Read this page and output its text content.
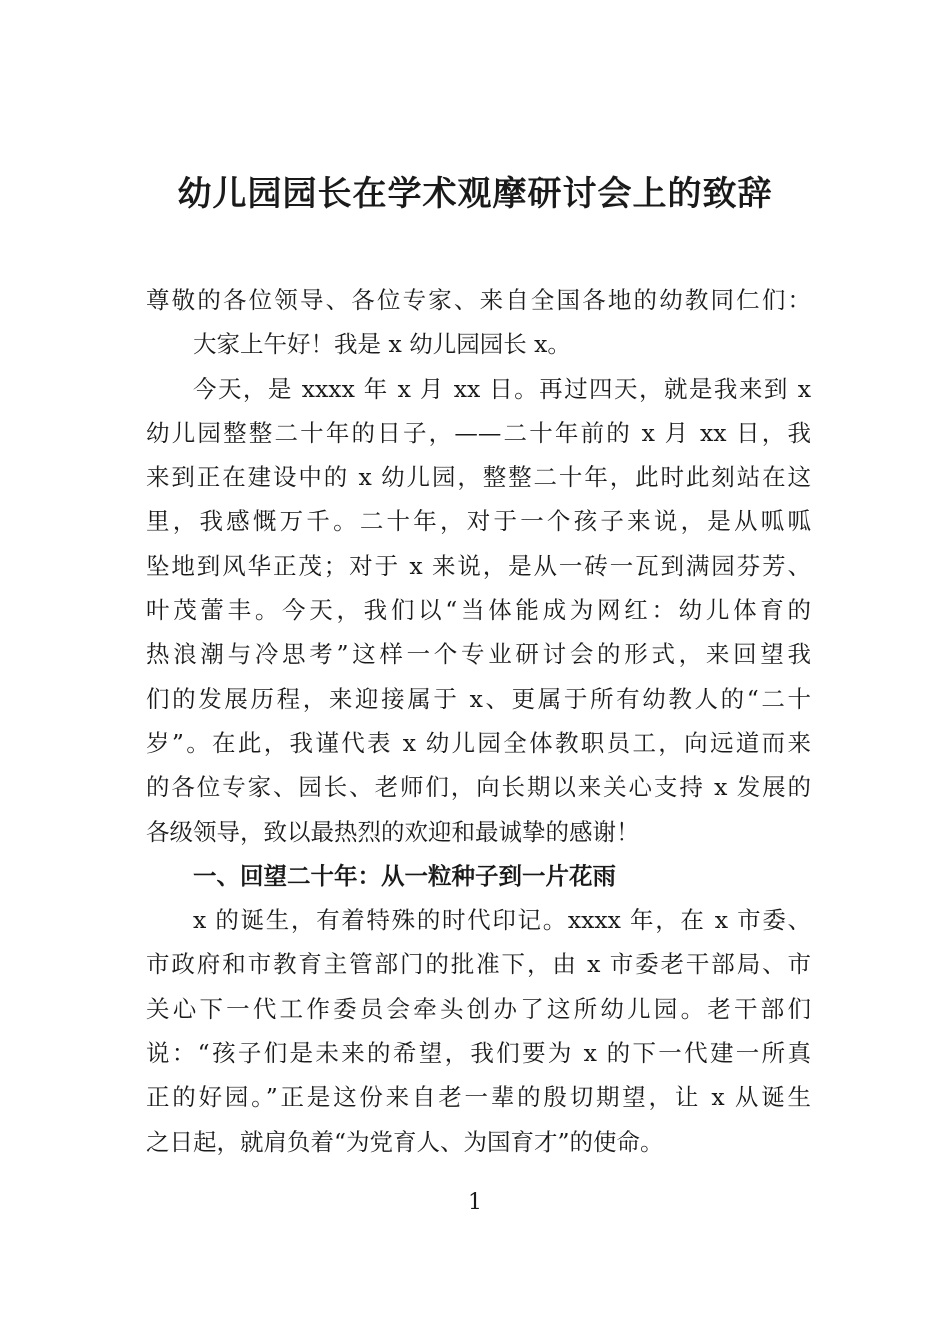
幼儿园园长在学术观摩研讨会上的致辞
尊敬的各位领导、各位专家、来自全国各地的幼教同仁们：
大家上午好！我是 x 幼儿园园长 x。
今天，是 xxxx 年 x 月 xx 日。再过四天，就是我来到 x
幼儿园整整二十年的日子，——二十年前的 x 月 xx 日，我
来到正在建设中的 x 幼儿园，整整二十年，此时此刻站在这
里，我感慨万千。二十年，对于一个孩子来说，是从呱呱
坠地到风华正茂；对于 x 来说，是从一砖一瓦到满园芬芳、
叶茂蕾丰。今天，我们以“当体能成为网红：幼儿体育的
热浪潮与冷思考”这样一个专业研讨会的形式，来回望我
们的发展历程，来迎接属于 x、更属于所有幼教人的“二十
岁”。在此，我谨代表 x 幼儿园全体教职员工，向远道而来
的各位专家、园长、老师们，向长期以来关心支持 x 发展的
各级领导，致以最热烈的欢迎和最诚挚的感谢！
一、回望二十年：从一粒种子到一片花雨
x 的诞生，有着特殊的时代印记。xxxx 年，在 x 市委、
市政府和市教育主管部门的批准下，由 x 市委老干部局、市
关心下一代工作委员会牵头创办了这所幼儿园。老干部们
说：“孩子们是未来的希望，我们要为 x 的下一代建一所真
正的好园。”正是这份来自老一辈的殷切期望，让 x 从诞生
之日起，就肩负着“为党育人、为国育才”的使命。
1
